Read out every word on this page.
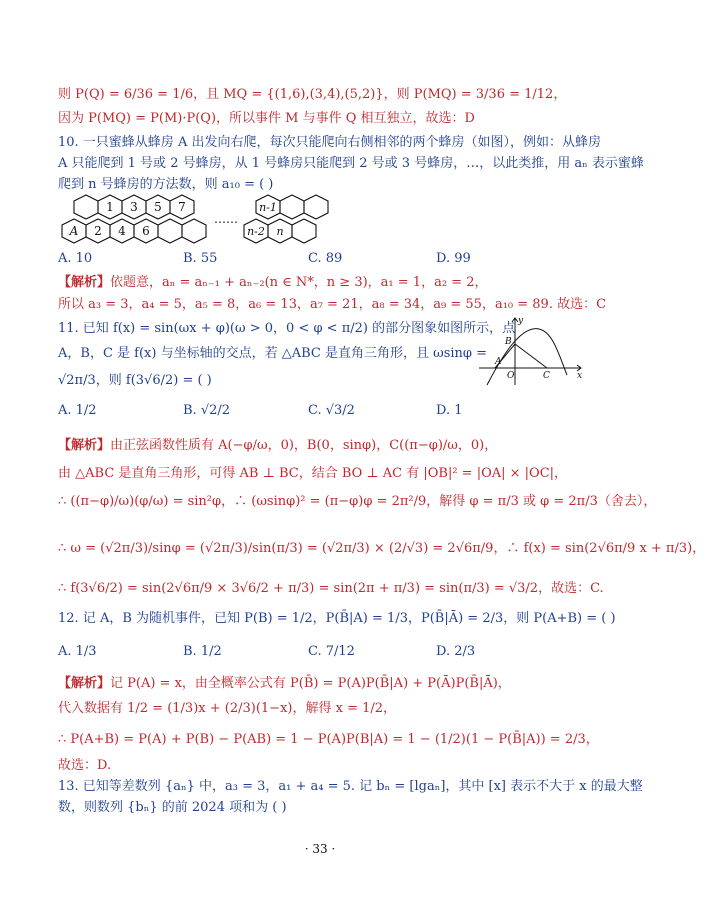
则 P(Q) = 6/36 = 1/6，且 MQ = {(1,6),(3,4),(5,2)}，则 P(MQ) = 3/36 = 1/12，
因为 P(MQ) = P(M)·P(Q)，所以事件 M 与事件 Q 相互独立，故选：D
10. 一只蜜蜂从蜂房 A 出发向右爬，每次只能爬向右侧相邻的两个蜂房（如图），例如：从蜂房
A 只能爬到 1 号或 2 号蜂房，从 1 号蜂房只能爬到 2 号或 3 号蜂房，…，以此类推，用 aₙ 表示蜜蜂
爬到 n 号蜂房的方法数，则 a₁₀ = ( )
1 3 5 7
A 2 4 6
……
n-1
n-2 n
A. 10	B. 55	C. 89	D. 99
【解析】依题意，aₙ = aₙ₋₁ + aₙ₋₂(n ∈ N*，n ≥ 3)，a₁ = 1，a₂ = 2，
所以 a₃ = 3，a₄ = 5，a₅ = 8，a₆ = 13，a₇ = 21，a₈ = 34，a₉ = 55，a₁₀ = 89. 故选：C
11. 已知 f(x) = sin(ωx + φ)(ω > 0，0 < φ < π/2) 的部分图象如图所示，点
A，B，C 是 f(x) 与坐标轴的交点，若 △ABC 是直角三角形，且 ωsinφ =
√2π/3，则 f(3√6/2) = ( )
y
x
A
B
O	C
A. 1/2	B. √2/2	C. √3/2	D. 1
【解析】由正弦函数性质有 A(−φ/ω，0)，B(0，sinφ)，C((π−φ)/ω，0)，
由 △ABC 是直角三角形，可得 AB ⊥ BC，结合 BO ⊥ AC 有 |OB|² = |OA| × |OC|，
∴ ((π−φ)/ω)(φ/ω) = sin²φ，∴ (ωsinφ)² = (π−φ)φ = 2π²/9，解得 φ = π/3 或 φ = 2π/3（舍去），
∴ ω = (√2π/3)/sinφ = (√2π/3)/sin(π/3) = (√2π/3) × (2/√3) = 2√6π/9，∴ f(x) = sin(2√6π/9 x + π/3)，
∴ f(3√6/2) = sin(2√6π/9 × 3√6/2 + π/3) = sin(2π + π/3) = sin(π/3) = √3/2，故选：C.
12. 记 A，B 为随机事件，已知 P(B) = 1/2，P(B̄|A) = 1/3，P(B̄|Ā) = 2/3，则 P(A+B) = ( )
A. 1/3	B. 1/2	C. 7/12	D. 2/3
【解析】记 P(A) = x，由全概率公式有 P(B̄) = P(A)P(B̄|A) + P(Ā)P(B̄|Ā)，
代入数据有 1/2 = (1/3)x + (2/3)(1−x)，解得 x = 1/2，
∴ P(A+B) = P(A) + P(B) − P(AB) = 1 − P(A)P(B|A) = 1 − (1/2)(1 − P(B̄|A)) = 2/3，
故选：D.
13. 已知等差数列 {aₙ} 中，a₃ = 3，a₁ + a₄ = 5. 记 bₙ = [lgaₙ]，其中 [x] 表示不大于 x 的最大整
数，则数列 {bₙ} 的前 2024 项和为 ( )
· 33 ·
